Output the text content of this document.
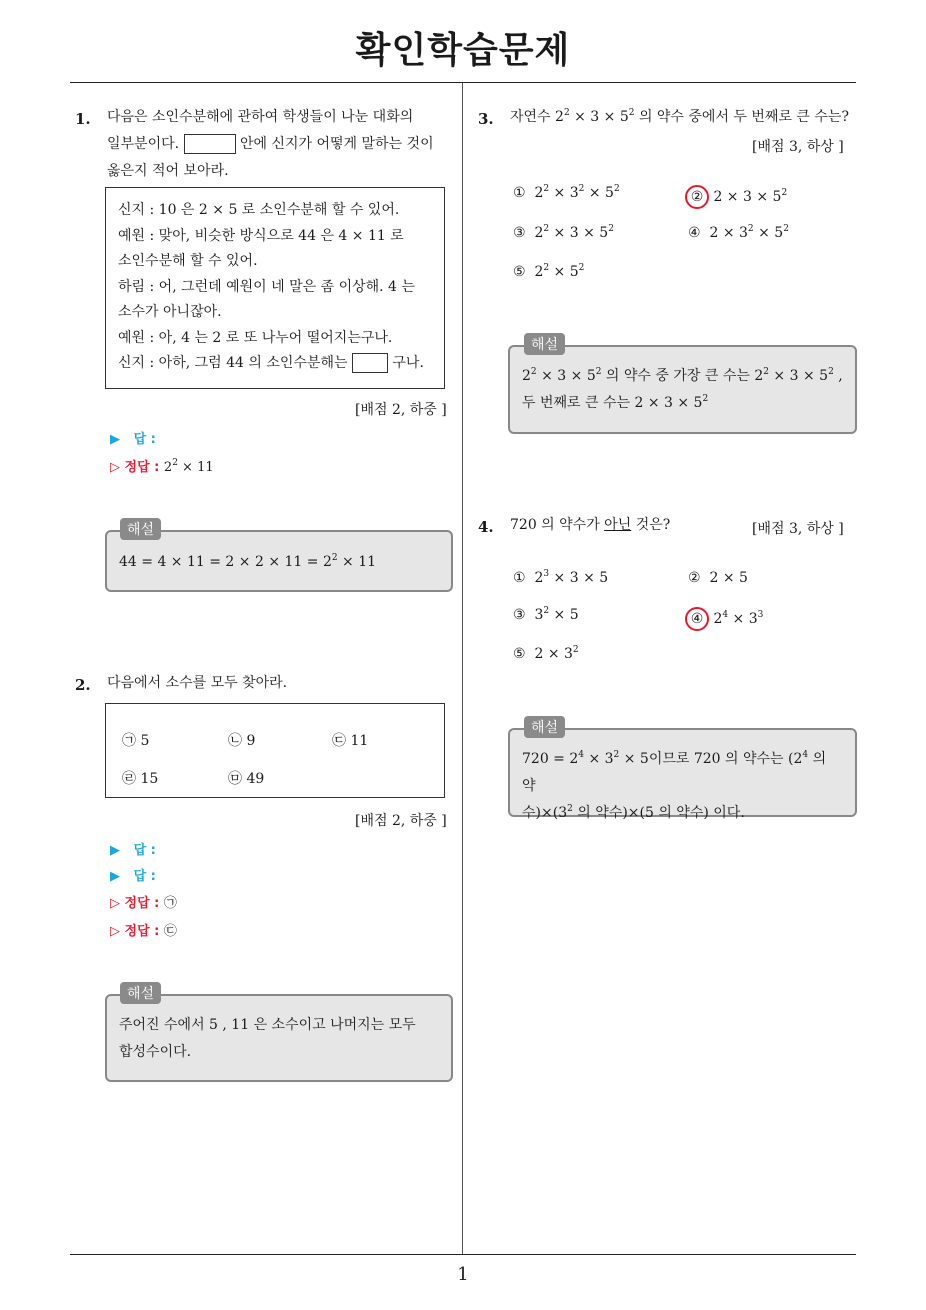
확인학습문제
1. 다음은 소인수분해에 관하여 학생들이 나눈 대화의
일부분이다.	안에 신지가 어떻게 말하는 것이
옳은지 적어 보아라.
신지 : 10 은 2 × 5 로 소인수분해 할 수 있어.
예원 : 맞아, 비슷한 방식으로 44 은 4 × 11 로
소인수분해 할 수 있어.
하림 : 어, 그런데 예원이 네 말은 좀 이상해. 4 는
소수가 아니잖아.
예원 : 아, 4 는 2 로 또 나누어 떨어지는구나.
신지 : 아하, 그럼 44 의 소인수분해는	구나.
[배점 2, 하중 ]
▶ 답 :
▷ 정답 : $2^2 \times 11$
$44 = 4 \times 11 = 2 \times 2 \times 11 = 2^2 \times 11$
해설
2. 다음에서 소수를 모두 찾아라.
㉠ 5	㉡ 9	㉢ 11
㉣ 15	㉤ 49
[배점 2, 하중 ]
▶ 답 :
▶ 답 :
▷ 정답 : ㉠
▷ 정답 : ㉢
주어진 수에서 5 , 11 은 소수이고 나머지는 모두
합성수이다.
해설
3. 자연수 $2^2 \times 3 \times 5^2$ 의 약수 중에서 두 번째로 큰 수는?
[배점 3, 하상 ]
①  $2^2 \times 3^2 \times 5^2$	② $2 \times 3 \times 5^2$
③  $2^2 \times 3 \times 5^2$	④  $2 \times 3^2 \times 5^2$
⑤  $2^2 \times 5^2$
$2^2 \times 3 \times 5^2$ 의 약수 중 가장 큰 수는 $2^2 \times 3 \times 5^2$ ,
두 번째로 큰 수는 $2 \times 3 \times 5^2$
해설
4. 720 의 약수가 아닌 것은?	[배점 3, 하상 ]
①  $2^3 \times 3 \times 5$	②  2 × 5
③  $3^2 \times 5$	④ $2^4 \times 3^3$
⑤  $2 \times 3^2$
$720 = 2^4 \times 3^2 \times 5$이므로 720 의 약수는 ($2^4$ 의 약
수)$\times(3^2$ 의 약수)×(5 의 약수) 이다.
해설
1
